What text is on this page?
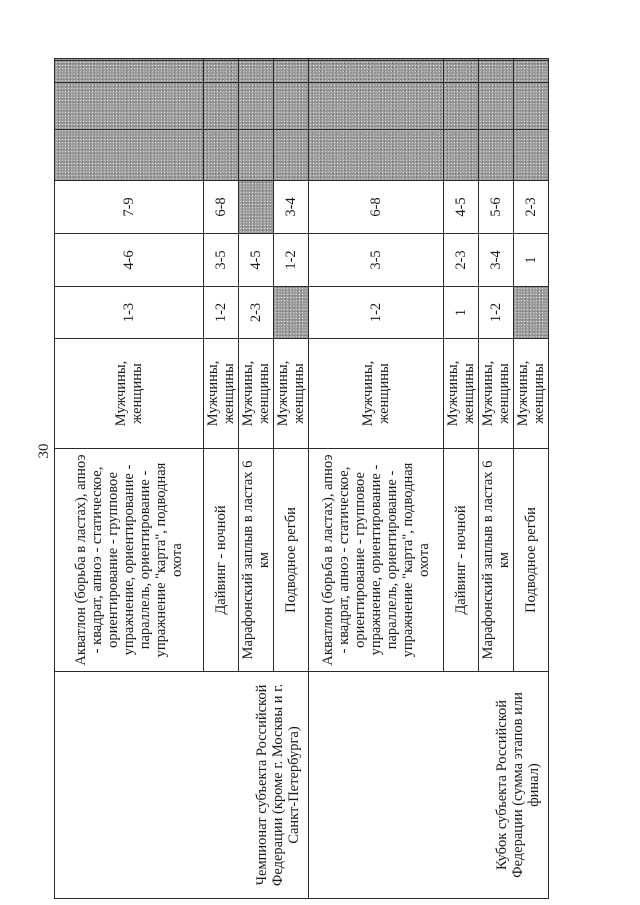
30
Чемпионат субъекта Российской Федерации (кроме г. Москвы и г. Санкт-Петербурга)	Акватлон (борьба в ластах), апноэ - квадрат, апноэ - статическое, ориентирование - групповое упражнение, ориентирование - параллель, ориентирование - упражнение "карта", подводная охота	Мужчины, женщины	1-3	4-6	7-9				

	Дайвинг - ночной	Мужчины, женщины	1-2	3-5	6-8				

	Марафонский заплыв в ластах 6 км	Мужчины, женщины	2-3	4-5					

	Подводное регби	Мужчины, женщины		1-2	3-4				

Кубок субъекта Российской Федерации (сумма этапов или финал)	Акватлон (борьба в ластах), апноэ - квадрат, апноэ - статическое, ориентирование - групповое упражнение, ориентирование - параллель, ориентирование - упражнение "карта", подводная охота	Мужчины, женщины	1-2	3-5	6-8				

	Дайвинг - ночной	Мужчины, женщины	1	2-3	4-5				

	Марафонский заплыв в ластах 6 км	Мужчины, женщины	1-2	3-4	5-6				

	Подводное регби	Мужчины, женщины		1	2-3				
